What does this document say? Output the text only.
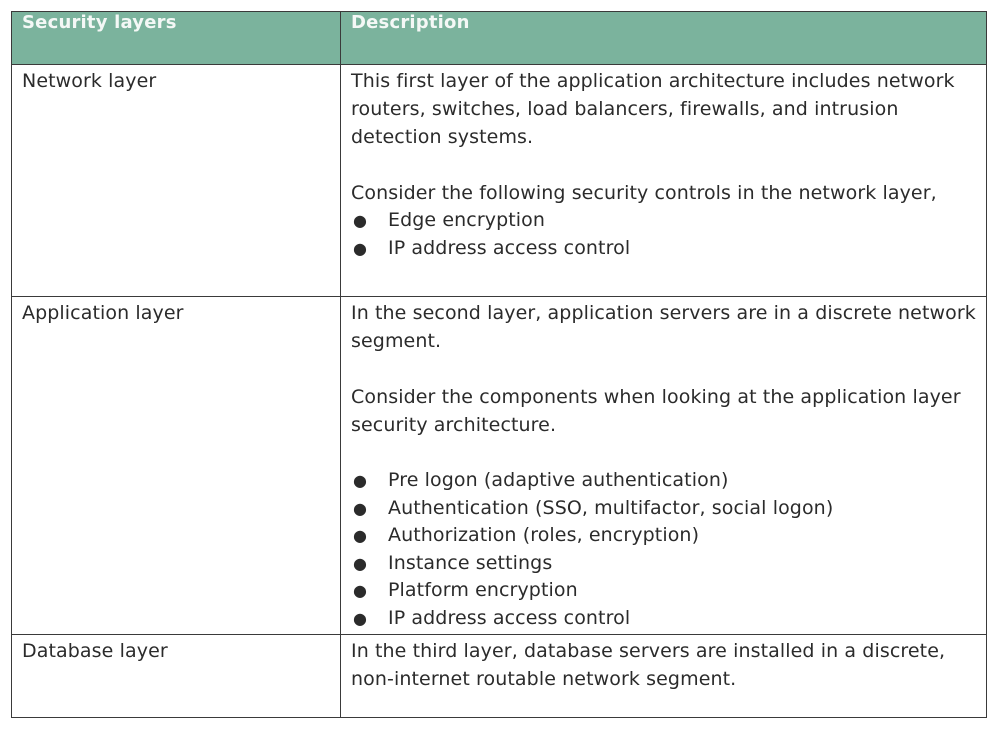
Security layers	Description
Network layer	This first layer of the application architecture includes network routers, switches, load balancers, firewalls, and intrusion detection systems.

Consider the following security controls in the network layer,

● Edge encryption
● IP address access control

Application layer	In the second layer, application servers are in a discrete network segment.

Consider the components when looking at the application layer security architecture.

● Pre logon (adaptive authentication)
● Authentication (SSO, multifactor, social logon)
● Authorization (roles, encryption)
● Instance settings
● Platform encryption
● IP address access control

Database layer	In the third layer, database servers are installed in a discrete, non-internet routable network segment.
